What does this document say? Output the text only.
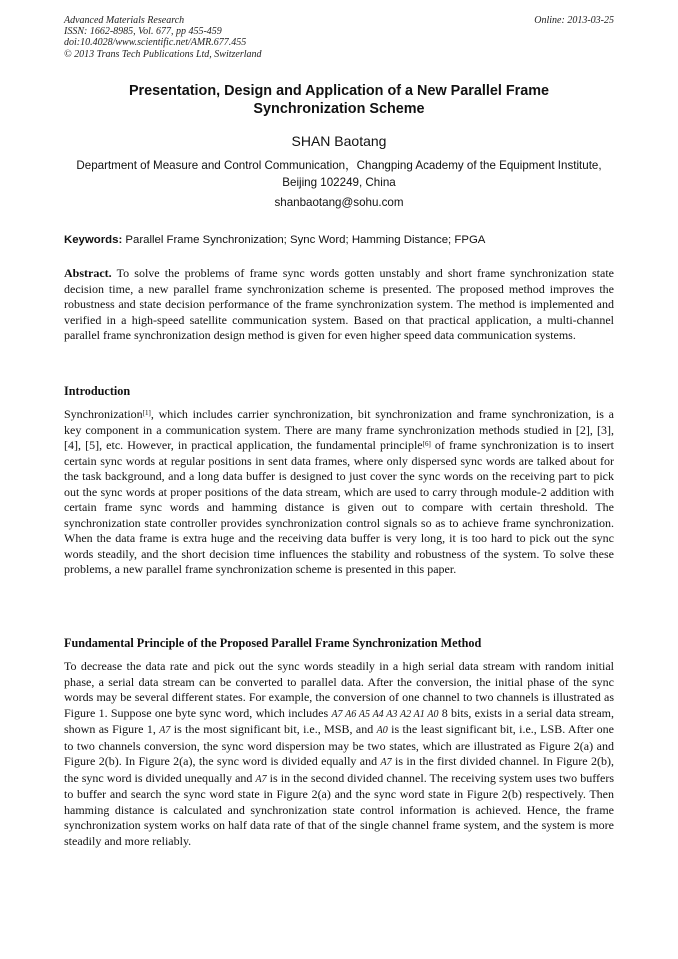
Advanced Materials Research
ISSN: 1662-8985, Vol. 677, pp 455-459
doi:10.4028/www.scientific.net/AMR.677.455
© 2013 Trans Tech Publications Ltd, Switzerland
Online: 2013-03-25
Presentation, Design and Application of a New Parallel Frame Synchronization Scheme
SHAN Baotang
Department of Measure and Control Communication，Changping Academy of the Equipment Institute, Beijing 102249, China
shanbaotang@sohu.com
Keywords: Parallel Frame Synchronization; Sync Word; Hamming Distance; FPGA
Abstract. To solve the problems of frame sync words gotten unstably and short frame synchronization state decision time, a new parallel frame synchronization scheme is presented. The proposed method improves the robustness and state decision performance of the frame synchronization system. The method is implemented and verified in a high-speed satellite communication system. Based on that practical application, a multi-channel parallel frame synchronization design method is given for even higher speed data communication systems.
Introduction
Synchronization[1], which includes carrier synchronization, bit synchronization and frame synchronization, is a key component in a communication system. There are many frame synchronization methods studied in [2], [3], [4], [5], etc. However, in practical application, the fundamental principle[6] of frame synchronization is to insert certain sync words at regular positions in sent data frames, where only dispersed sync words are talked about for the task background, and a long data buffer is designed to just cover the sync words on the receiving part to pick out the sync words at proper positions of the data stream, which are used to carry through module-2 addition with certain frame sync words and hamming distance is given out to compare with certain threshold. The synchronization state controller provides synchronization control signals so as to achieve frame synchronization. When the data frame is extra huge and the receiving data buffer is very long, it is too hard to pick out the sync words steadily, and the short decision time influences the stability and robustness of the system. To solve these problems, a new parallel frame synchronization scheme is presented in this paper.
Fundamental Principle of the Proposed Parallel Frame Synchronization Method
To decrease the data rate and pick out the sync words steadily in a high serial data stream with random initial phase, a serial data stream can be converted to parallel data. After the conversion, the initial phase of the sync words may be several different states. For example, the conversion of one channel to two channels is illustrated as Figure 1. Suppose one byte sync word, which includes A7 A6 A5 A4 A3 A2 A1 A0 8 bits, exists in a serial data stream, shown as Figure 1, A7 is the most significant bit, i.e., MSB, and A0 is the least significant bit, i.e., LSB. After one to two channels conversion, the sync word dispersion may be two states, which are illustrated as Figure 2(a) and Figure 2(b). In Figure 2(a), the sync word is divided equally and A7 is in the first divided channel. In Figure 2(b), the sync word is divided unequally and A7 is in the second divided channel. The receiving system uses two buffers to buffer and search the sync word state in Figure 2(a) and the sync word state in Figure 2(b) respectively. Then hamming distance is calculated and synchronization state control information is achieved. Hence, the frame synchronization system works on half data rate of that of the single channel frame system, and the system is more steadily and more reliably.
